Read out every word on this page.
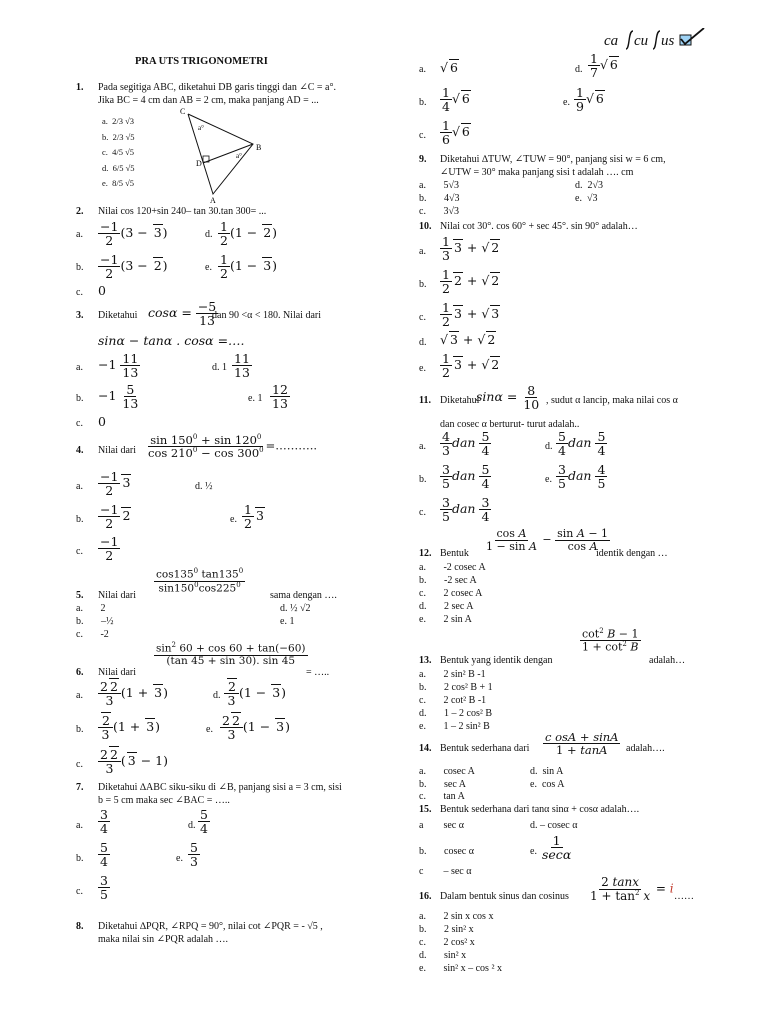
ca cu us
PRA UTS TRIGONOMETRI
1. Pada segitiga ABC, diketahui DB garis tinggi dan ∠C = a°.
Jika BC = 4 cm dan AB = 2 cm, maka panjang AD = ...
a. 2/3 √3
b. 2/3 √5
c. 4/5 √5
d. 6/5 √5
e. 8/5 √5
C
D
B
A
a°
a°
2. Nilai cos 120+sin 240– tan 30.tan 300= ...
a. $\frac{-1}{2} (3 - 3)$	d. $\frac{1}{2} (1 - 2)$
b. $\frac{-1}{2} (3 - 2)$	e. $\frac{1}{2} (1 - 3)$
c. 0
3. Diketahui $\cos\alpha = \frac{-5}{13}$
dan 90 <α < 180. Nilai dari
sinα − tanα . cosα =….
a. $-1 \frac{11}{13}$	d. $1 \frac{11}{13}$
b. $-1 \frac{5}{13}$	e. $1 \frac{12}{13}$
c. 0
4. Nilai dari $\frac{\sin 150^0 + \sin 120^0}{\cos 210^0 - \cos 300^0}$ =………..
a. $\frac{-1}{2} 3$	d. ½
b. $\frac{-1}{2} 2$	e. $\frac{1}{2} 3$
c. $\frac{-1}{2}$
$\frac{\cos 135^0 \tan 135^0}{\sin 150^0\cos 225^0}$
5. Nilai dari	sama dengan ….
a.       2	d. ½ √2
b.       –½	e. 1
c.       -2
$\frac{\sin^2 60 + \cos 60 + \tan(-60)}{(\tan 45 + \sin 30). \sin 45}$
6. Nilai dari	= …..
a. $\frac{2 2}{3} (1 + 3)$	d. $\frac{2}{3} (1 - 3)$
b. $\frac{2}{3} (1 + 3)$	e. $\frac{2 2}{3} (1 - 3)$
c. $\frac{2 2}{3}$ ( 3 − 1)
7. Diketahui ∆ABC siku-siku di ∠B, panjang sisi a = 3 cm, sisi
b = 5 cm maka sec ∠BAC = …..
a. $\frac{3}{4}$	d. $\frac{5}{4}$
b. $\frac{5}{4}$	e. $\frac{5}{3}$
c. $\frac{3}{5}$
8. Diketahui ∆PQR, ∠RPQ = 90°, nilai cot ∠PQR = - √5 ,
maka nilai sin ∠PQR adalah ….
a. √ 6	d. $\frac{1}{7}$ √ 6
b. $\frac{1}{4}$ √ 6	e. $\frac{1}{9}$ √ 6
c. $\frac{1}{6}$ √ 6
9. Diketahui ∆TUW, ∠TUW = 90°, panjang sisi w = 6 cm,
∠UTW = 30° maka panjang sisi t adalah …. cm
a.       5√3	d.  2√3
b.       4√3	e.  √3
c.       3√3
10. Nilai cot 30°. cos 60° + sec 45°. sin 90° adalah…
a. $\frac{1}{3} 3$ + √ 2
b. $\frac{1}{2} 2$ + √ 2
c. $\frac{1}{2} 3$ + √ 3
d. √ 3 + √ 2
e. $\frac{1}{2} 3$ + √ 2
11. Diketahui
$\sin\alpha = \frac{8}{10}$ , sudut α lancip, maka nilai cos α
dan cosec α berturut- turut adalah..
a. $\frac{4}{3}$ dan $\frac{5}{4}$	d. $\frac{5}{4}$ dan $\frac{5}{4}$
b. $\frac{3}{5}$ dan $\frac{5}{4}$	e. $\frac{3}{5}$ dan $\frac{4}{5}$
c. $\frac{3}{5}$ dan $\frac{3}{4}$
12. Bentuk
$\frac{\text{cos A}}{\text{1 − sin A}} - \frac{\text{sin A − 1}}{\text{cos A}}$
identik dengan …
a. -2 cosec A
b. -2 sec A
c. 2 cosec A
d. 2 sec A
e. 2 sin A
$\frac{\cot^2 B - 1}{1 + \cot^2 B}$
13. Bentuk yang identik dengan	adalah…
a. 2 sin² B -1
b. 2 cos² B + 1
c. 2 cot² B -1
d. 1 – 2 cos² B
e. 1 – 2 sin² B
14. Bentuk sederhana dari $\frac{\text{c osA + sinA}}{1 + \tan A}$ adalah….
a.       cosec A	d.  sin A
b.       sec A	e.  cos A
c.       tan A
15. Bentuk sederhana dari tanα sinα + cosα adalah….
a        sec α	d. – cosec α
b.       cosec α	e. $\frac{1}{\sec\alpha}$
c        – sec α
16. Dalam bentuk sinus dan cosinus $\frac{2 \tan x}{1 + \tan^2 x} = i$
……
a. 2 sin x cos x
b. 2 sin² x
c. 2 cos² x
d. sin² x
e. sin² x – cos ² x
